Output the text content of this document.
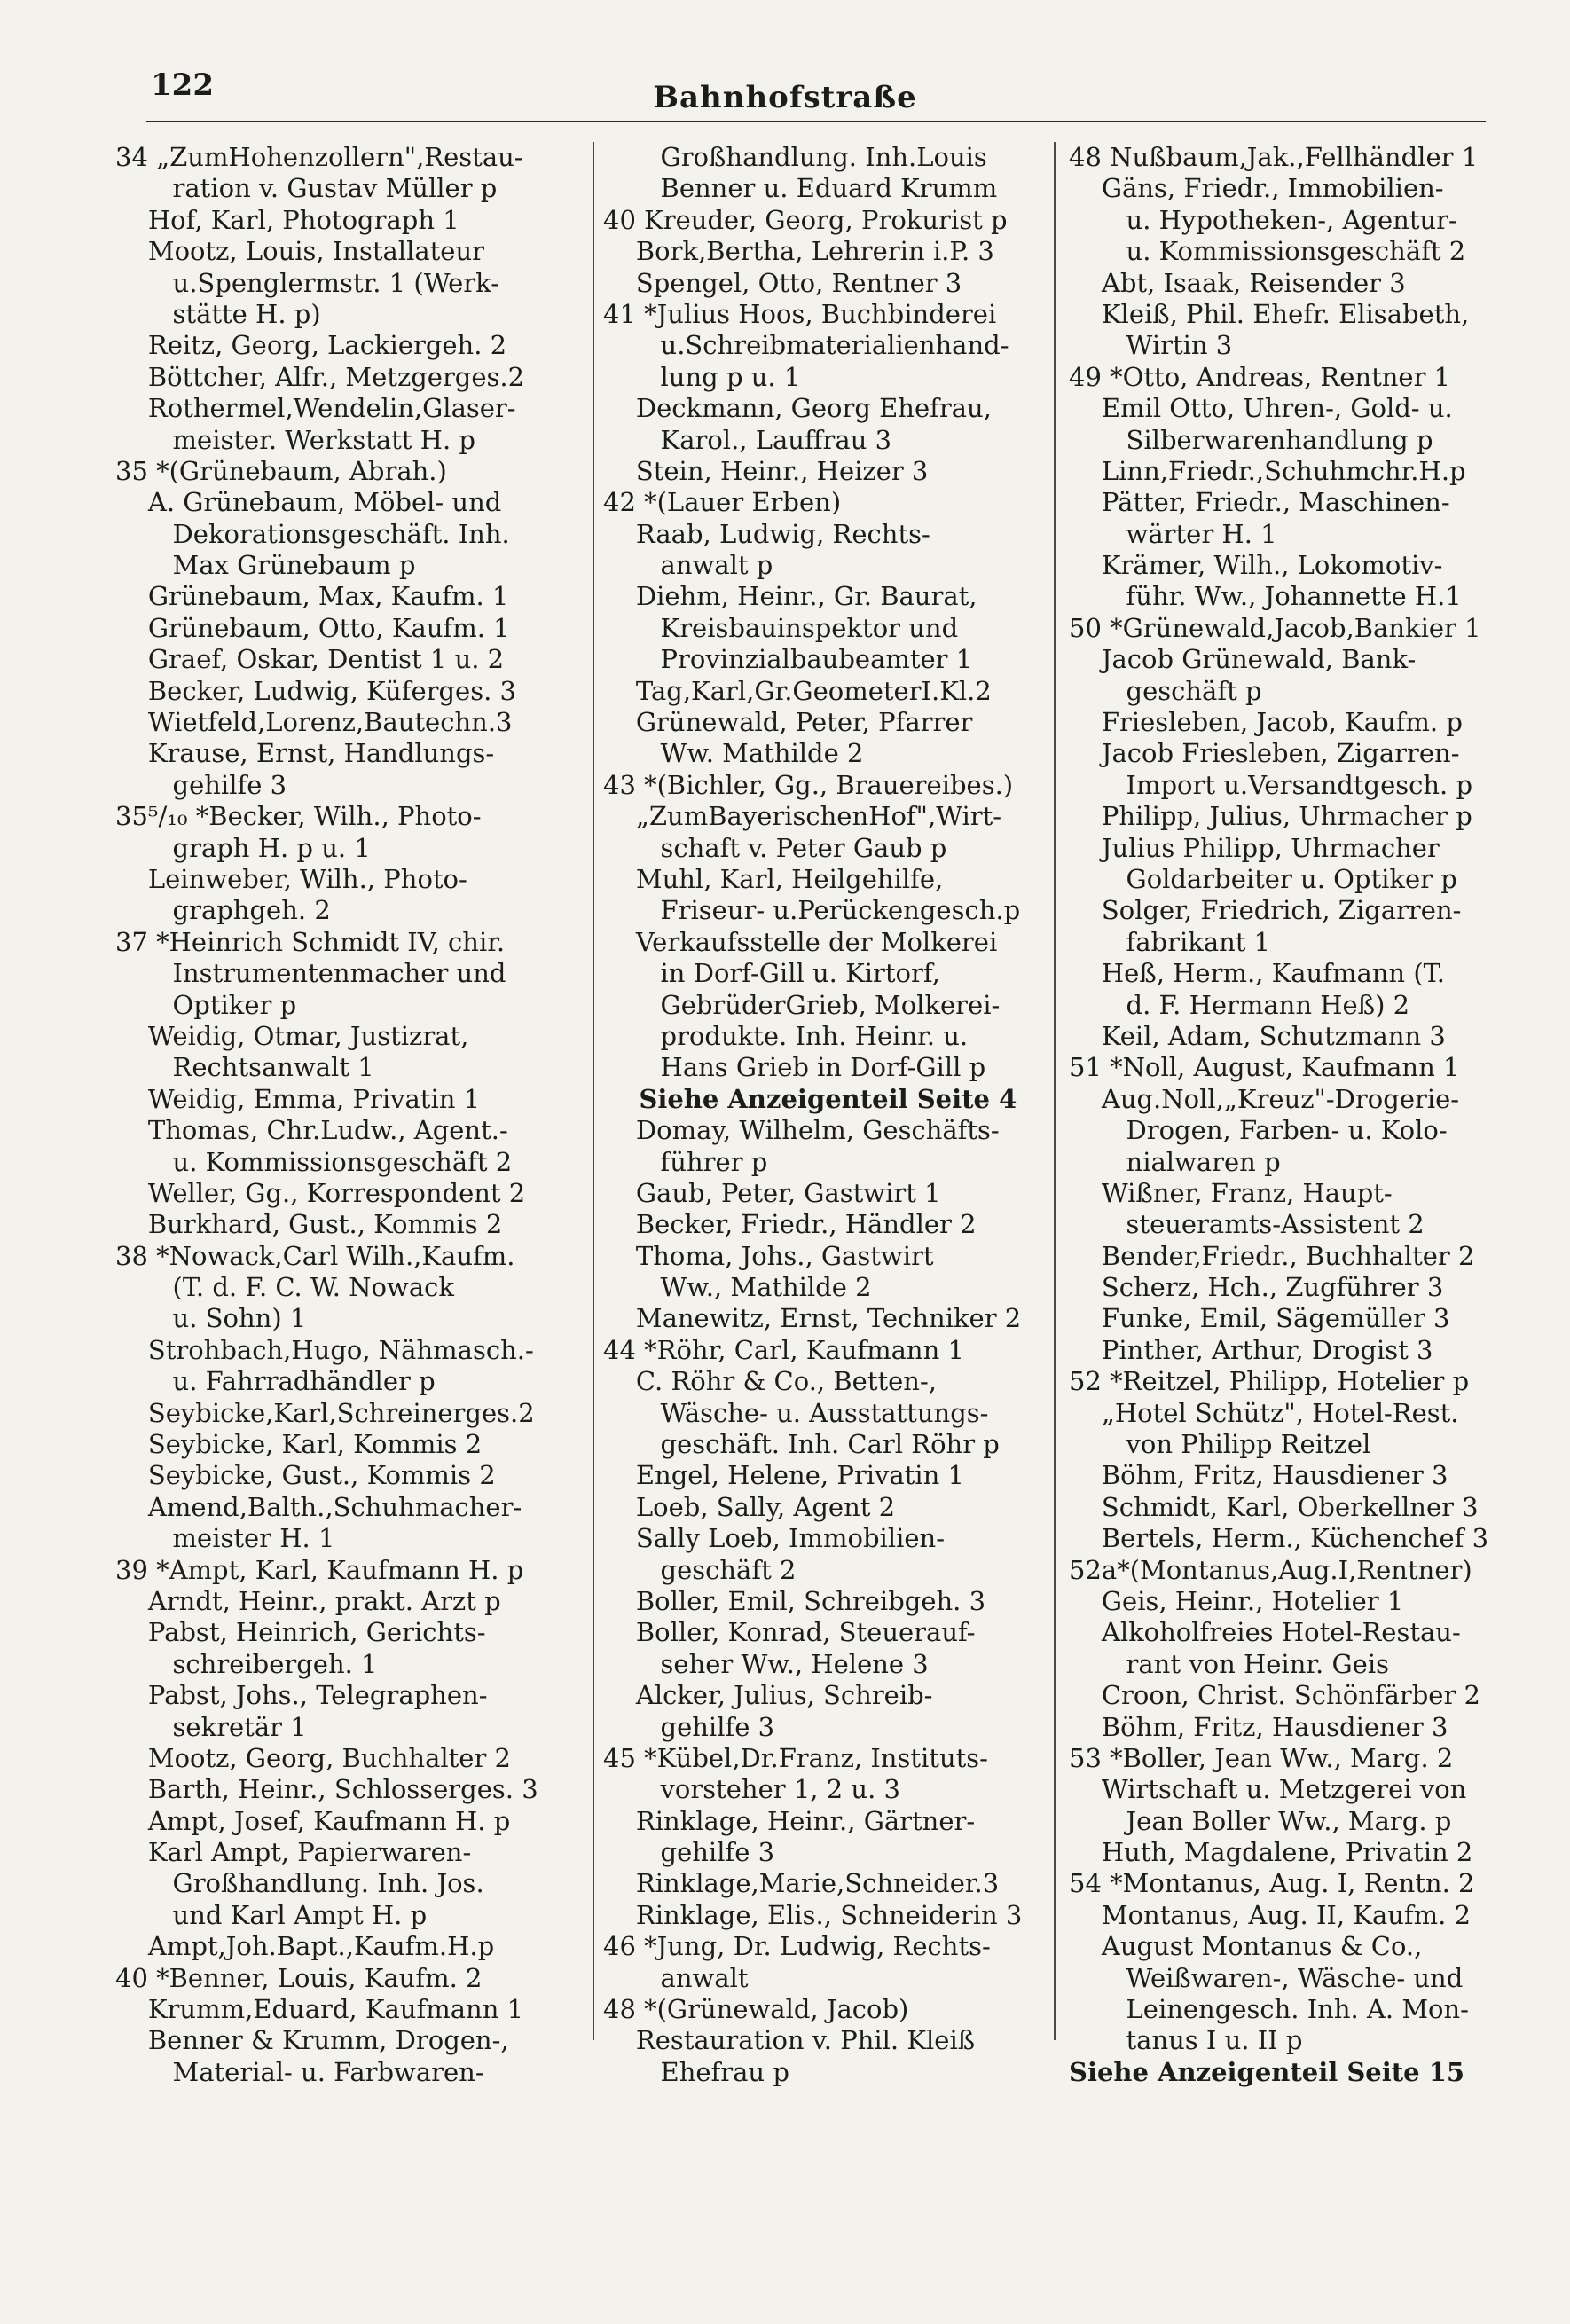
122	Bahnhofstraße
34 „ZumHohenzollern",Restau-
ration v. Gustav Müller p
Hof, Karl, Photograph 1
Mootz, Louis, Installateur
u.Spenglermstr. 1 (Werk-
stätte H. p)
Reitz, Georg, Lackiergeh. 2
Böttcher, Alfr., Metzgerges.2
Rothermel,Wendelin,Glaser-
meister. Werkstatt H. p
35 *(Grünebaum, Abrah.)
A. Grünebaum, Möbel- und
Dekorationsgeschäft. Inh.
Max Grünebaum p
Grünebaum, Max, Kaufm. 1
Grünebaum, Otto, Kaufm. 1
Graef, Oskar, Dentist 1 u. 2
Becker, Ludwig, Küferges. 3
Wietfeld,Lorenz,Bautechn.3
Krause, Ernst, Handlungs-
gehilfe 3
35⁵/₁₀ *Becker, Wilh., Photo-
graph H. p u. 1
Leinweber, Wilh., Photo-
graphgeh. 2
37 *Heinrich Schmidt IV, chir.
Instrumentenmacher und
Optiker p
Weidig, Otmar, Justizrat,
Rechtsanwalt 1
Weidig, Emma, Privatin 1
Thomas, Chr.Ludw., Agent.-
u. Kommissionsgeschäft 2
Weller, Gg., Korrespondent 2
Burkhard, Gust., Kommis 2
38 *Nowack,Carl Wilh.,Kaufm.
(T. d. F. C. W. Nowack
u. Sohn) 1
Strohbach,Hugo, Nähmasch.-
u. Fahrradhändler p
Seybicke,Karl,Schreinerges.2
Seybicke, Karl, Kommis 2
Seybicke, Gust., Kommis 2
Amend,Balth.,Schuhmacher-
meister H. 1
39 *Ampt, Karl, Kaufmann H. p
Arndt, Heinr., prakt. Arzt p
Pabst, Heinrich, Gerichts-
schreibergeh. 1
Pabst, Johs., Telegraphen-
sekretär 1
Mootz, Georg, Buchhalter 2
Barth, Heinr., Schlosserges. 3
Ampt, Josef, Kaufmann H. p
Karl Ampt, Papierwaren-
Großhandlung. Inh. Jos.
und Karl Ampt H. p
Ampt,Joh.Bapt.,Kaufm.H.p
40 *Benner, Louis, Kaufm. 2
Krumm,Eduard, Kaufmann 1
Benner & Krumm, Drogen-,
Material- u. Farbwaren-
Großhandlung. Inh.Louis
Benner u. Eduard Krumm
40 Kreuder, Georg, Prokurist p
Bork,Bertha, Lehrerin i.P. 3
Spengel, Otto, Rentner 3
41 *Julius Hoos, Buchbinderei
u.Schreibmaterialienhand-
lung p u. 1
Deckmann, Georg Ehefrau,
Karol., Lauffrau 3
Stein, Heinr., Heizer 3
42 *(Lauer Erben)
Raab, Ludwig, Rechts-
anwalt p
Diehm, Heinr., Gr. Baurat,
Kreisbauinspektor und
Provinzialbaubeamter 1
Tag,Karl,Gr.GeometerI.Kl.2
Grünewald, Peter, Pfarrer
Ww. Mathilde 2
43 *(Bichler, Gg., Brauereibes.)
„ZumBayerischenHof",Wirt-
schaft v. Peter Gaub p
Muhl, Karl, Heilgehilfe,
Friseur- u.Perückengesch.p
Verkaufsstelle der Molkerei
in Dorf-Gill u. Kirtorf,
GebrüderGrieb, Molkerei-
produkte. Inh. Heinr. u.
Hans Grieb in Dorf-Gill p
Siehe Anzeigenteil Seite 4
Domay, Wilhelm, Geschäfts-
führer p
Gaub, Peter, Gastwirt 1
Becker, Friedr., Händler 2
Thoma, Johs., Gastwirt
Ww., Mathilde 2
Manewitz, Ernst, Techniker 2
44 *Röhr, Carl, Kaufmann 1
C. Röhr & Co., Betten-,
Wäsche- u. Ausstattungs-
geschäft. Inh. Carl Röhr p
Engel, Helene, Privatin 1
Loeb, Sally, Agent 2
Sally Loeb, Immobilien-
geschäft 2
Boller, Emil, Schreibgeh. 3
Boller, Konrad, Steuerauf-
seher Ww., Helene 3
Alcker, Julius, Schreib-
gehilfe 3
45 *Kübel,Dr.Franz, Instituts-
vorsteher 1, 2 u. 3
Rinklage, Heinr., Gärtner-
gehilfe 3
Rinklage,Marie,Schneider.3
Rinklage, Elis., Schneiderin 3
46 *Jung, Dr. Ludwig, Rechts-
anwalt
48 *(Grünewald, Jacob)
Restauration v. Phil. Kleiß
Ehefrau p
48 Nußbaum,Jak.,Fellhändler 1
Gäns, Friedr., Immobilien-
u. Hypotheken-, Agentur-
u. Kommissionsgeschäft 2
Abt, Isaak, Reisender 3
Kleiß, Phil. Ehefr. Elisabeth,
Wirtin 3
49 *Otto, Andreas, Rentner 1
Emil Otto, Uhren-, Gold- u.
Silberwarenhandlung p
Linn,Friedr.,Schuhmchr.H.p
Pätter, Friedr., Maschinen-
wärter H. 1
Krämer, Wilh., Lokomotiv-
führ. Ww., Johannette H.1
50 *Grünewald,Jacob,Bankier 1
Jacob Grünewald, Bank-
geschäft p
Friesleben, Jacob, Kaufm. p
Jacob Friesleben, Zigarren-
Import u.Versandtgesch. p
Philipp, Julius, Uhrmacher p
Julius Philipp, Uhrmacher
Goldarbeiter u. Optiker p
Solger, Friedrich, Zigarren-
fabrikant 1
Heß, Herm., Kaufmann (T.
d. F. Hermann Heß) 2
Keil, Adam, Schutzmann 3
51 *Noll, August, Kaufmann 1
Aug.Noll,„Kreuz"-Drogerie-
Drogen, Farben- u. Kolo-
nialwaren p
Wißner, Franz, Haupt-
steueramts-Assistent 2
Bender,Friedr., Buchhalter 2
Scherz, Hch., Zugführer 3
Funke, Emil, Sägemüller 3
Pinther, Arthur, Drogist 3
52 *Reitzel, Philipp, Hotelier p
„Hotel Schütz", Hotel-Rest.
von Philipp Reitzel
Böhm, Fritz, Hausdiener 3
Schmidt, Karl, Oberkellner 3
Bertels, Herm., Küchenchef 3
52a*(Montanus,Aug.I,Rentner)
Geis, Heinr., Hotelier 1
Alkoholfreies Hotel-Restau-
rant von Heinr. Geis
Croon, Christ. Schönfärber 2
Böhm, Fritz, Hausdiener 3
53 *Boller, Jean Ww., Marg. 2
Wirtschaft u. Metzgerei von
Jean Boller Ww., Marg. p
Huth, Magdalene, Privatin 2
54 *Montanus, Aug. I, Rentn. 2
Montanus, Aug. II, Kaufm. 2
August Montanus & Co.,
Weißwaren-, Wäsche- und
Leinengesch. Inh. A. Mon-
tanus I u. II p
Siehe Anzeigenteil Seite 15
